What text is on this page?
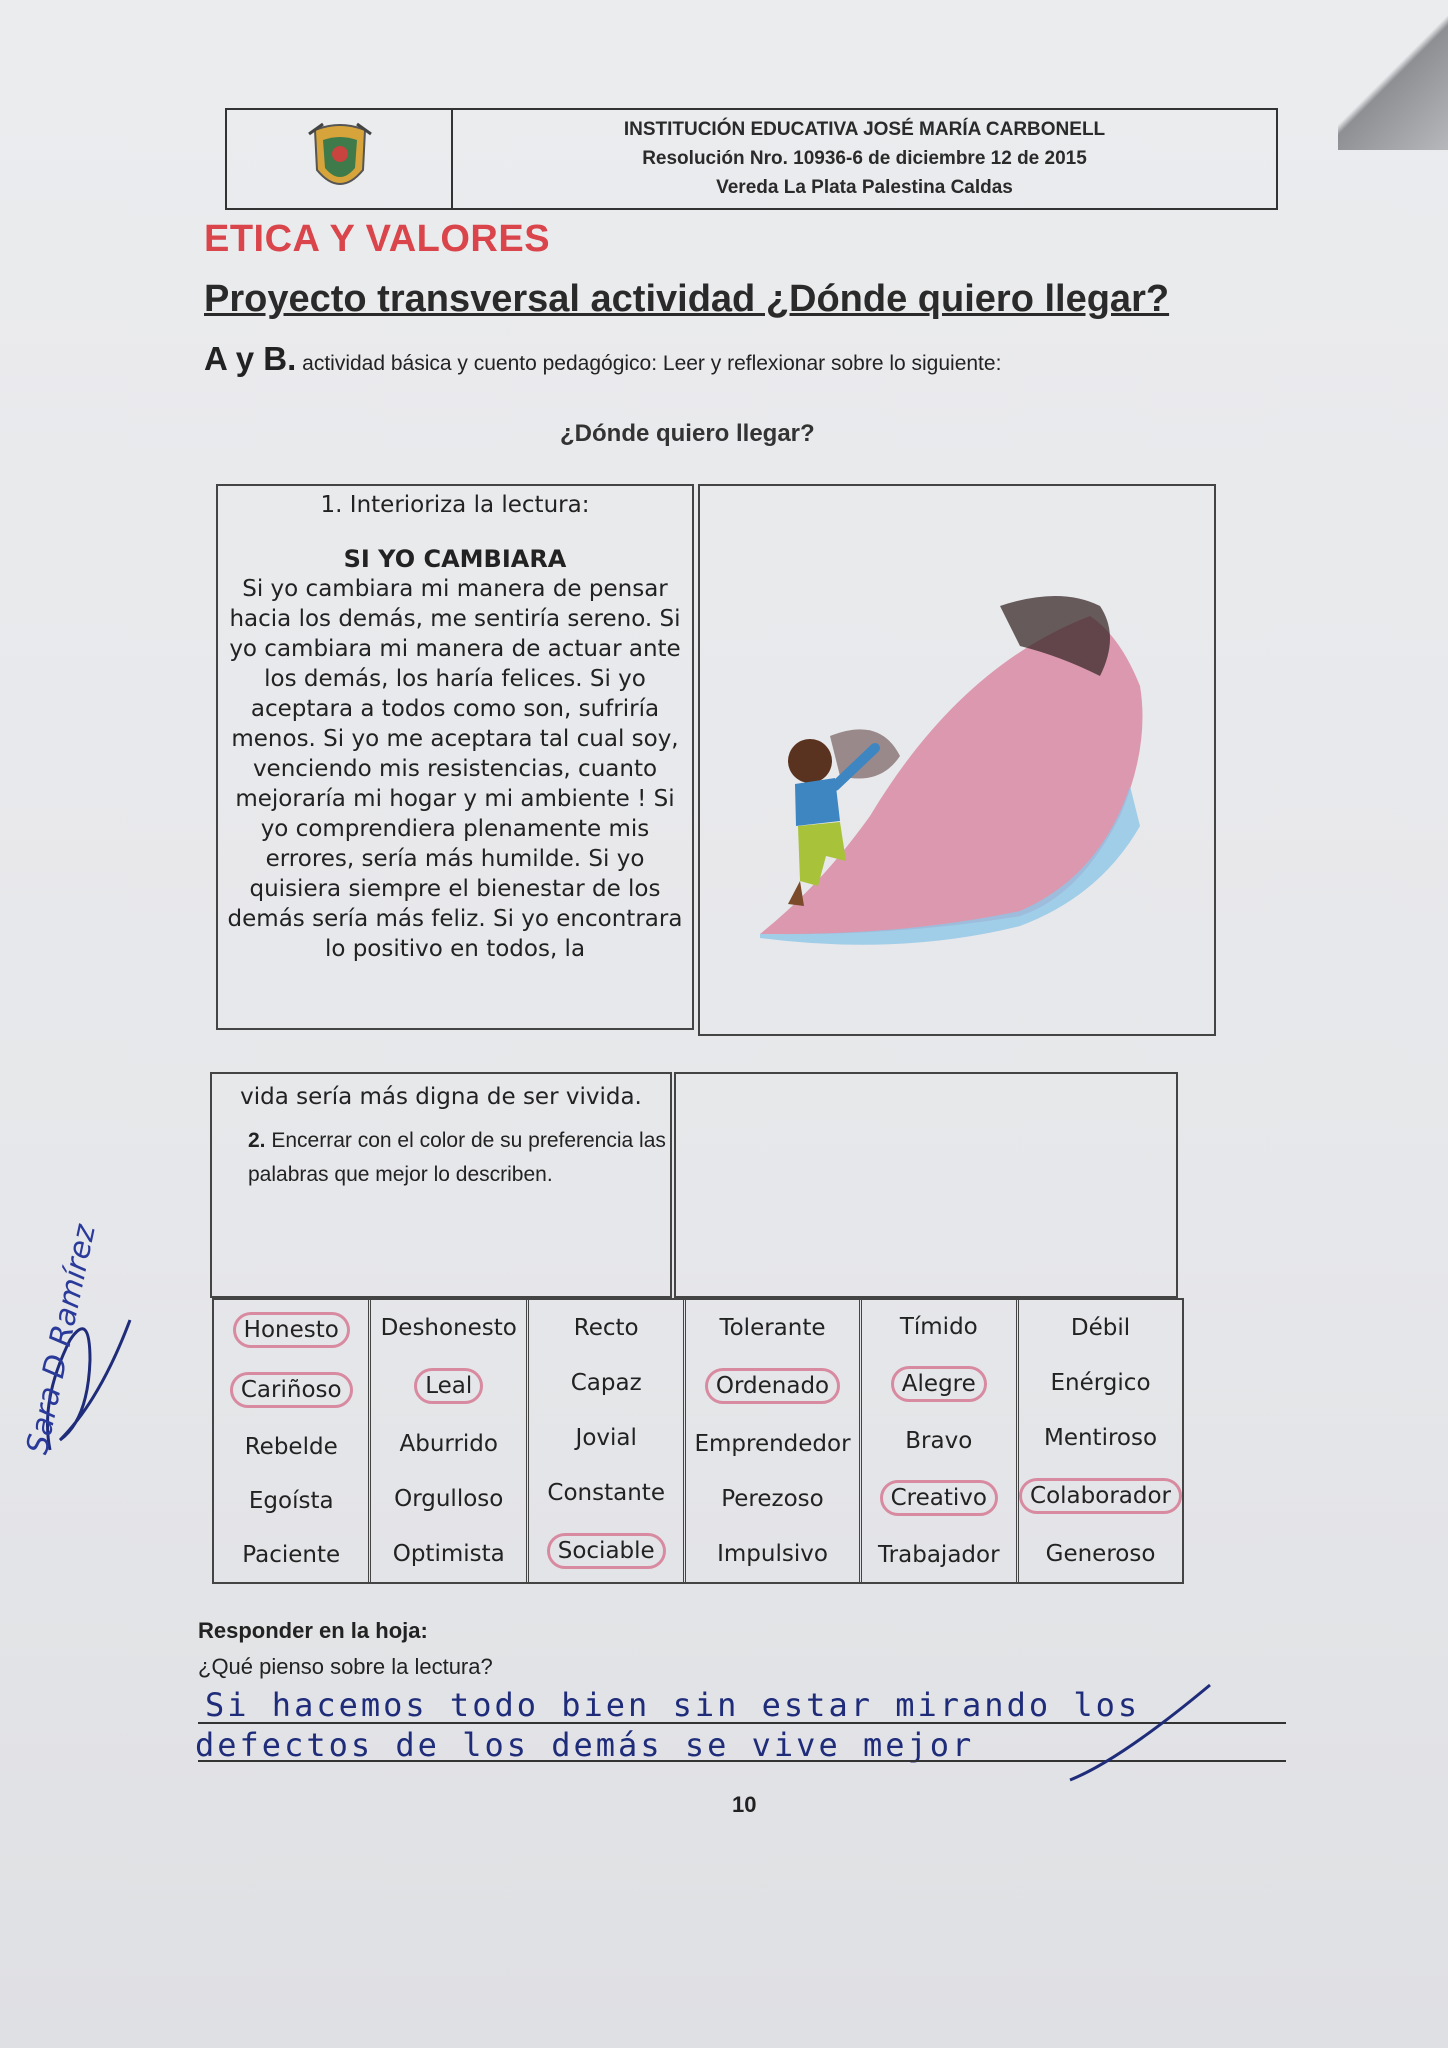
INSTITUCIÓN EDUCATIVA JOSÉ MARÍA CARBONELL
Resolución Nro. 10936-6 de diciembre 12 de 2015
Vereda La Plata Palestina Caldas
ETICA Y VALORES
Proyecto transversal actividad ¿Dónde quiero llegar?
A y B. actividad básica y cuento pedagógico: Leer y reflexionar sobre lo siguiente:
¿Dónde quiero llegar?
1. Interioriza la lectura:
SI YO CAMBIARA
Si yo cambiara mi manera de pensar hacia los demás, me sentiría sereno. Si yo cambiara mi manera de actuar ante los demás, los haría felices. Si yo aceptara a todos como son, sufriría menos. Si yo me aceptara tal cual soy, venciendo mis resistencias, cuanto mejoraría mi hogar y mi ambiente ! Si yo comprendiera plenamente mis errores, sería más humilde. Si yo quisiera siempre el bienestar de los demás sería más feliz. Si yo encontrara lo positivo en todos, la
vida sería más digna de ser vivida.
2. Encerrar con el color de su preferencia las palabras que mejor lo describen.
Honesto
Cariñoso
Rebelde
Egoísta
Paciente
Deshonesto
Leal
Aburrido
Orgulloso
Optimista
Recto
Capaz
Jovial
Constante
Sociable
Tolerante
Ordenado
Emprendedor
Perezoso
Impulsivo
Tímido
Alegre
Bravo
Creativo
Trabajador
Débil
Enérgico
Mentiroso
Colaborador
Generoso
Sara D Ramírez
Responder en la hoja:
¿Qué pienso sobre la lectura?
Si hacemos todo bien sin estar mirando los
defectos de los demás se vive mejor
10
